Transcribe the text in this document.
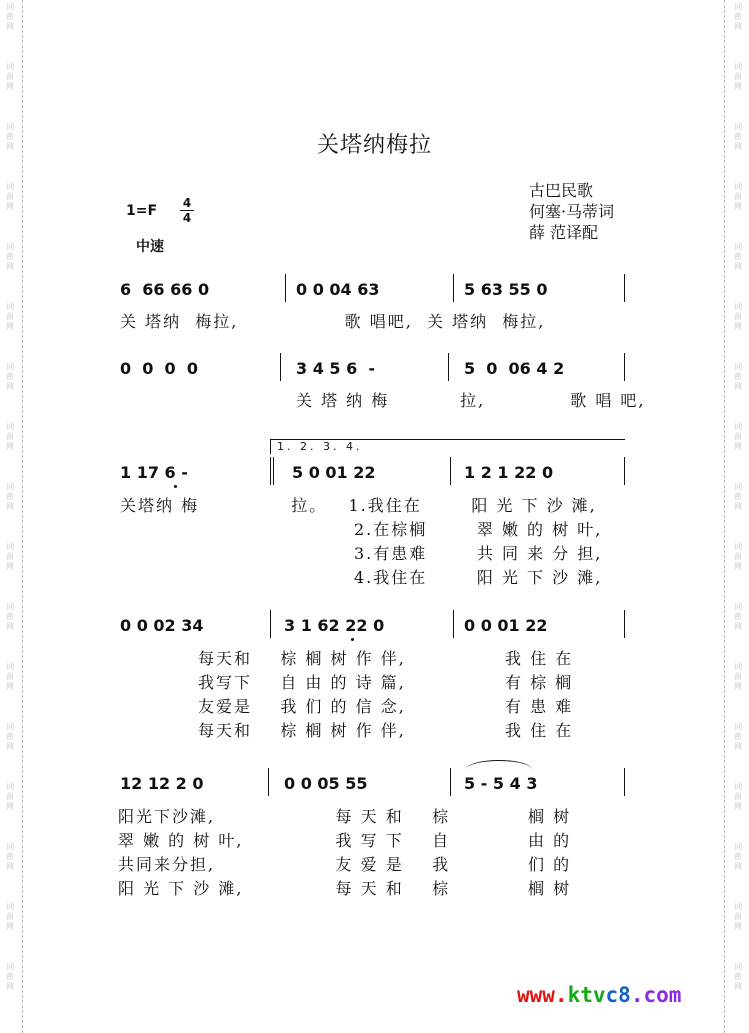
词
曲
网
词
曲
网
词
曲
网
词
曲
网
词
曲
网
词
曲
网
词
曲
网
词
曲
网
词
曲
网
词
曲
网
词
曲
网
词
曲
网
词
曲
网
词
曲
网
词
曲
网
词
曲
网
词
曲
网
词
曲
网
词
曲
网
词
曲
网
词
曲
网
词
曲
网
词
曲
网
词
曲
网
词
曲
网
词
曲
网
词
曲
网
词
曲
网
词
曲
网
词
曲
网
词
曲
网
词
曲
网
词
曲
网
词
曲
网
关塔纳梅拉
古巴民歌
何塞·马蒂词
薛 范译配
1=F 4
4
中速
6  66 66 0	0 0 04 63	5 63 55 0
关 塔纳  梅拉,               歌 唱吧,  关 塔纳  梅拉,
0  0  0  0	3 4 5 6  -	5  0  06 4 2
关 塔 纳 梅          拉,            歌 唱 吧,
1. 2. 3. 4.
1 17 6 -	5 0 01 22	1 2 1 22 0
关塔纳 梅             拉。   1.我住在       阳 光 下 沙 滩,
2.在棕榈       翠 嫩 的 树 叶,
3.有患难       共 同 来 分 担,
4.我住在       阳 光 下 沙 滩,
0 0 02 34	3 1 62 22 0	0 0 01 22
每天和    棕 榈 树 作 伴,              我 住 在
我写下    自 由 的 诗 篇,              有 棕 榈
友爱是    我 们 的 信 念,              有 患 难
每天和    棕 榈 树 作 伴,              我 住 在
12 12 2 0	0 0 05 55	5 - 5 4 3
阳光下沙滩,                 每 天 和    棕           榈 树
翠 嫩 的 树 叶,             我 写 下    自           由 的
共同来分担,                 友 爱 是    我           们 的
阳 光 下 沙 滩,             每 天 和    棕           榈 树
www.ktvc8.com
